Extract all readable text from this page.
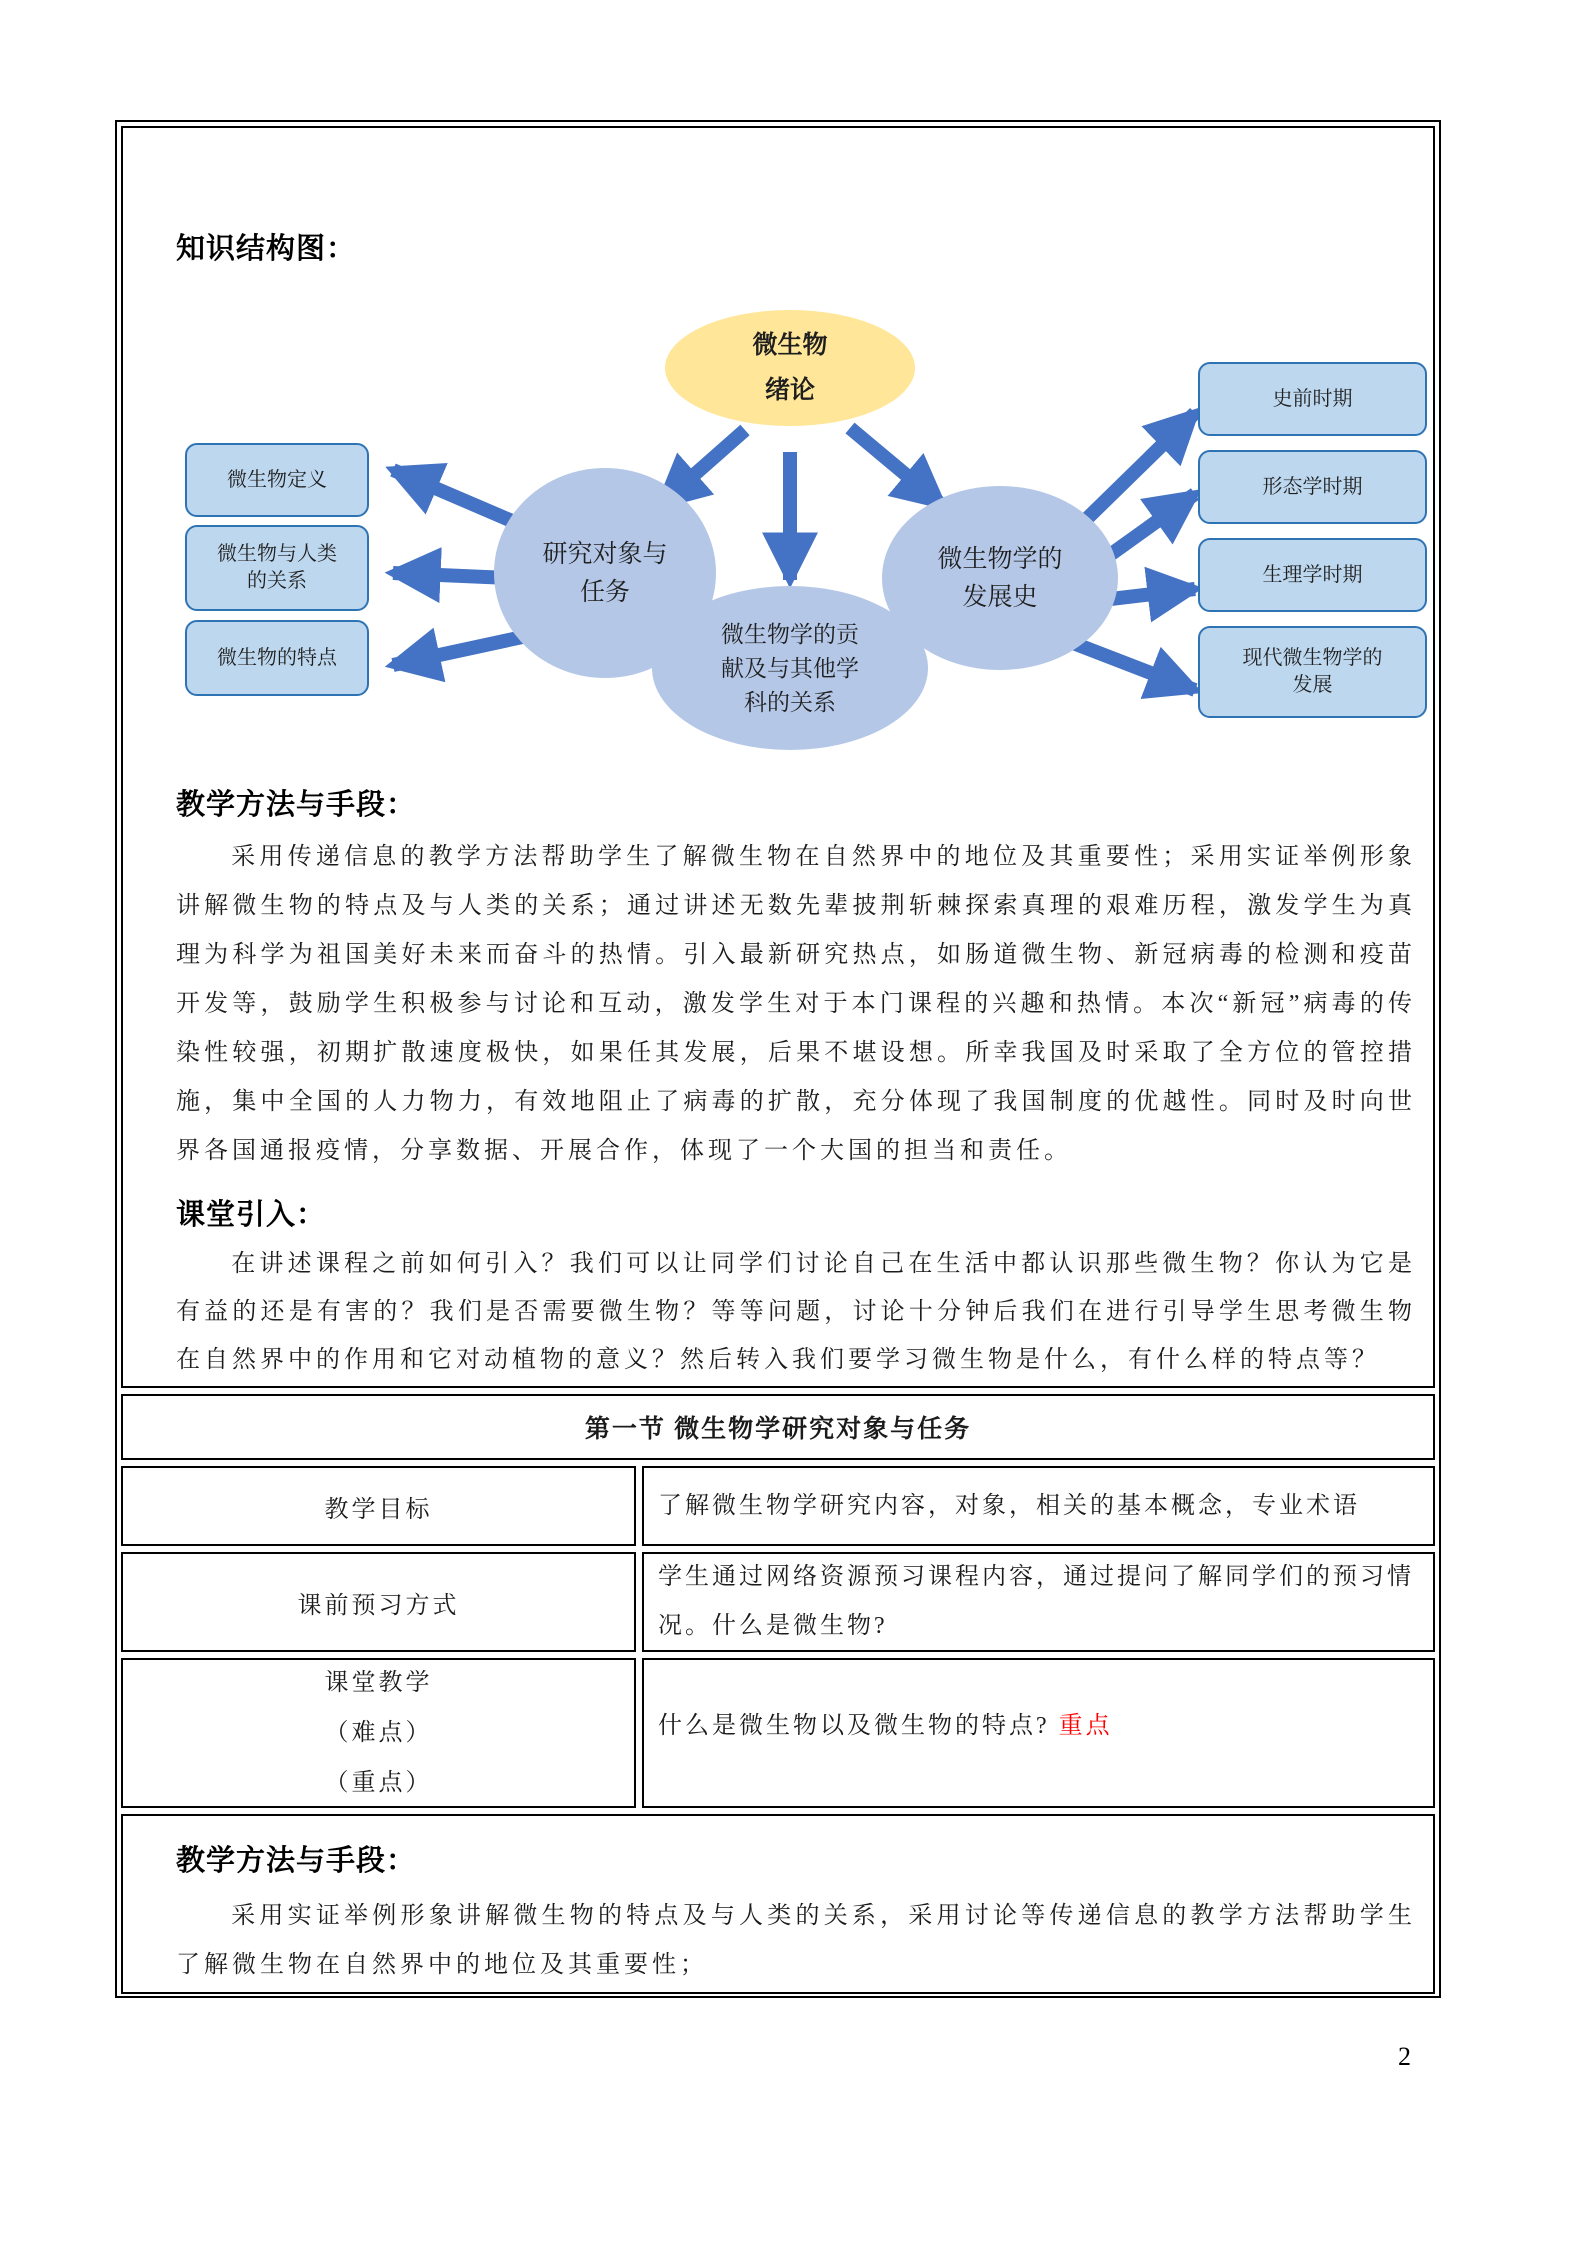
知识结构图：
微生物
绪论
研究对象与
任务
微生物学的
发展史
微生物学的贡
献及与其他学
科的关系
微生物定义
微生物与人类
的关系
微生物的特点
史前时期
形态学时期
生理学时期
现代微生物学的
发展
教学方法与手段：
采用传递信息的教学方法帮助学生了解微生物在自然界中的地位及其重要性；采用实证举例形象讲解微生物的特点及与人类的关系；通过讲述无数先辈披荆斩棘探索真理的艰难历程，激发学生为真理为科学为祖国美好未来而奋斗的热情。引入最新研究热点，如肠道微生物、新冠病毒的检测和疫苗开发等，鼓励学生积极参与讨论和互动，激发学生对于本门课程的兴趣和热情。本次“新冠”病毒的传染性较强，初期扩散速度极快，如果任其发展，后果不堪设想。所幸我国及时采取了全方位的管控措施，集中全国的人力物力，有效地阻止了病毒的扩散，充分体现了我国制度的优越性。同时及时向世界各国通报疫情，分享数据、开展合作，体现了一个大国的担当和责任。
课堂引入：
在讲述课程之前如何引入？我们可以让同学们讨论自己在生活中都认识那些微生物？你认为它是有益的还是有害的？我们是否需要微生物？等等问题，讨论十分钟后我们在进行引导学生思考微生物在自然界中的作用和它对动植物的意义？然后转入我们要学习微生物是什么，有什么样的特点等？
第一节 微生物学研究对象与任务
教学目标	了解微生物学研究内容，对象，相关的基本概念，专业术语
课前预习方式
学生通过网络资源预习课程内容，通过提问了解同学们的预习情况。什么是微生物?
课堂教学
（难点）
（重点）
什么是微生物以及微生物的特点? 重点
教学方法与手段：
采用实证举例形象讲解微生物的特点及与人类的关系，采用讨论等传递信息的教学方法帮助学生了解微生物在自然界中的地位及其重要性；
2
